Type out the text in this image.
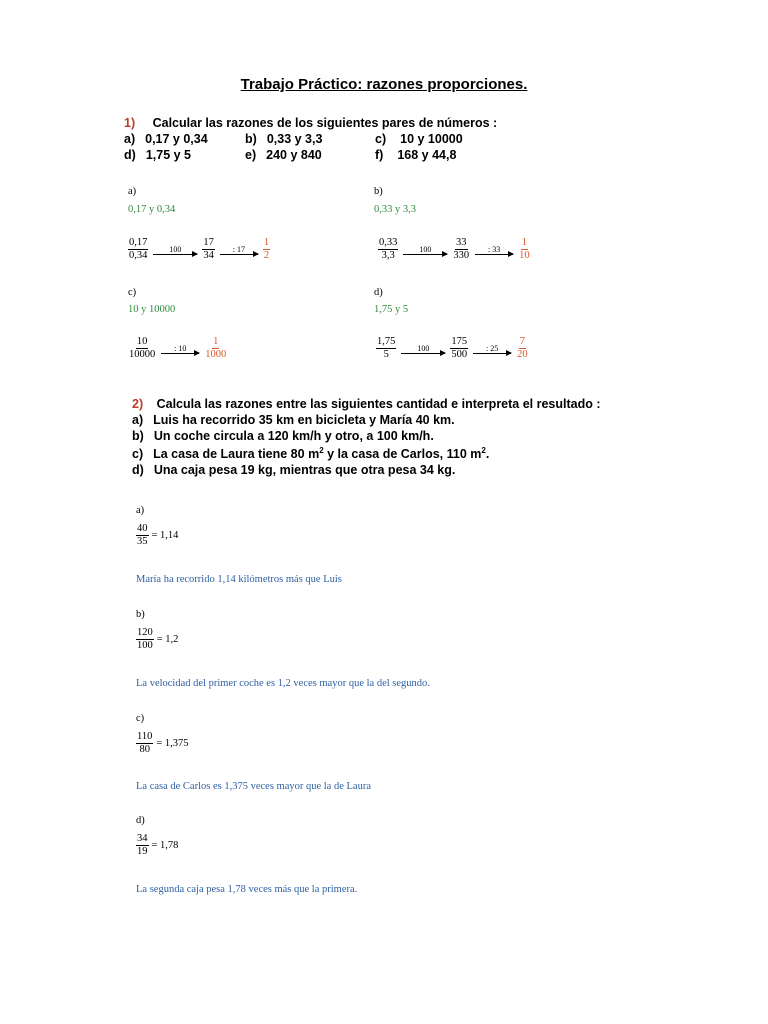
Trabajo Práctico: razones proporciones.
1) Calcular las razones de los siguientes pares de números :
a) 0,17 y 0,34	b) 0,33 y 3,3	c) 10 y 10000
d) 1,75 y 5	e) 240 y 840	f) 168 y 44,8
a)
0,17 y 0,34
$\frac{0,17}{0,34}$	$100 \frac{17}{34}$ : $17 \frac{1}{2}$
b)
0,33 y 3,3
$\frac{0,33}{3,3}$	$100 \frac{33}{330}$ : $33 \frac{1}{10}$
c)
10 y 10000
$\frac{10}{10000}$ : $10 \frac{1}{1000}$
d)
1,75 y 5
$\frac{1,75}{5}$	$100 \frac{175}{500}$ : $25 \frac{7}{20}$
2) Calcula las razones entre las siguientes cantidad e interpreta el resultado :
a) Luis ha recorrido 35 km en bicicleta y María 40 km.
b) Un coche circula a 120 km/h y otro, a 100 km/h.
c) La casa de Laura tiene 80 $m^2$ y la casa de Carlos, 110 $m^2$.
d) Una caja pesa 19 kg, mientras que otra pesa 34 kg.
a)
$\frac{40}{35} = 1,14$
María ha recorrido 1,14 kilómetros más que Luis
b)
$\frac{120}{100} = 1,2$
La velocidad del primer coche es 1,2 veces mayor que la del segundo.
c)
$\frac{110}{80} = 1,375$
La casa de Carlos es 1,375 veces mayor que la de Laura
d)
$\frac{34}{19} = 1,78$
La segunda caja pesa 1,78 veces más que la primera.
